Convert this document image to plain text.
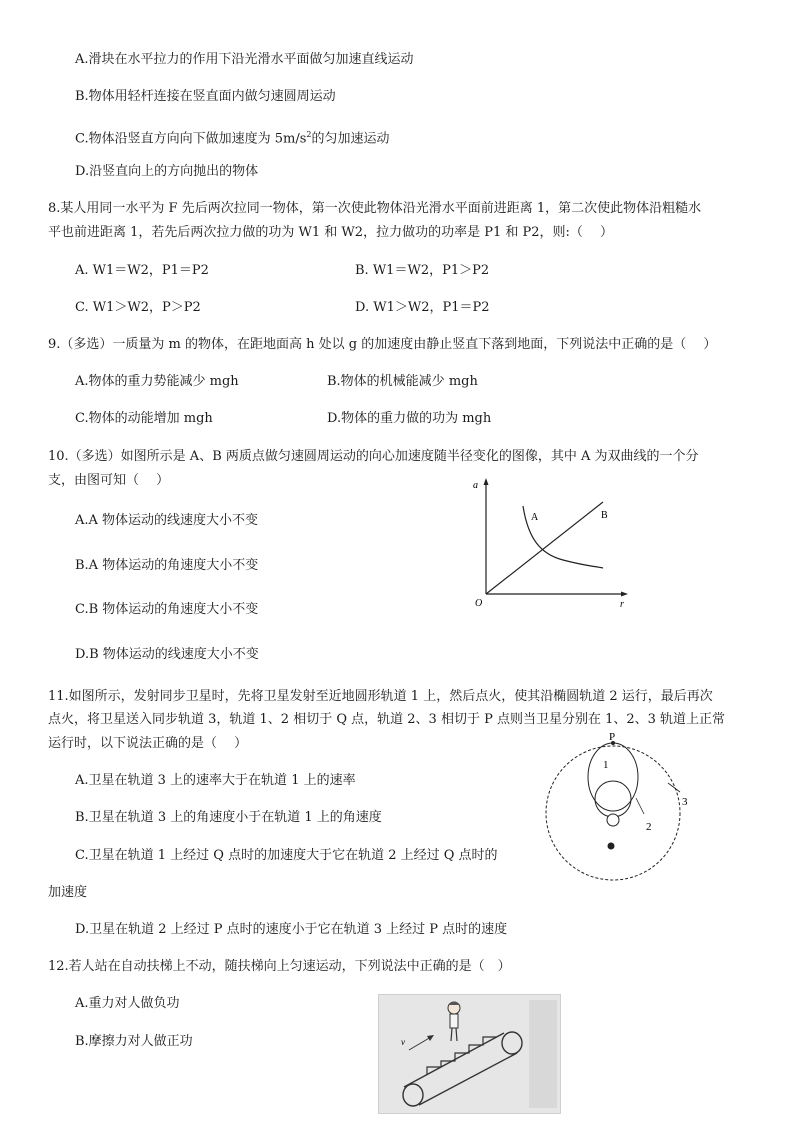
A.滑块在水平拉力的作用下沿光滑水平面做匀加速直线运动
B.物体用轻杆连接在竖直面内做匀速圆周运动
C.物体沿竖直方向向下做加速度为 $5m/s^2$的匀加速运动
D.沿竖直向上的方向抛出的物体
8.某人用同一水平为 F 先后两次拉同一物体，第一次使此物体沿光滑水平面前进距离 1，第二次使此物体沿粗糙水
平也前进距离 1，若先后两次拉力做的功为 W1 和 W2，拉力做功的功率是 P1 和 P2，则:（　 ）
A. W1＝W2，P1＝P2	B. W1＝W2，P1＞P2
C. W1＞W2，P＞P2	D. W1＞W2，P1＝P2
9.（多选）一质量为 m 的物体，在距地面高 h 处以 g 的加速度由静止竖直下落到地面，下列说法中正确的是（　 ）
A.物体的重力势能减少 mgh	B.物体的机械能减少 mgh
C.物体的动能增加 mgh	D.物体的重力做的功为 mgh
10.（多选）如图所示是 A、B 两质点做匀速圆周运动的向心加速度随半径变化的图像，其中 A 为双曲线的一个分
支，由图可知（　 ）
A.A 物体运动的线速度大小不变
B.A 物体运动的角速度大小不变
C.B 物体运动的角速度大小不变
D.B 物体运动的线速度大小不变
a
r
O
A	B
11.如图所示，发射同步卫星时，先将卫星发射至近地圆形轨道 1 上，然后点火，使其沿椭圆轨道 2 运行，最后再次
点火，将卫星送入同步轨道 3，轨道 1、2 相切于 Q 点，轨道 2、3 相切于 P 点则当卫星分别在 1、2、3 轨道上正常
运行时，以下说法正确的是（　 ）
A.卫星在轨道 3 上的速率大于在轨道 1 上的速率
B.卫星在轨道 3 上的角速度小于在轨道 1 上的角速度
C.卫星在轨道 1 上经过 Q 点时的加速度大于它在轨道 2 上经过 Q 点时的
加速度
D.卫星在轨道 2 上经过 P 点时的速度小于它在轨道 3 上经过 P 点时的速度
P
1
2
3
12.若人站在自动扶梯上不动，随扶梯向上匀速运动，下列说法中正确的是（　）
A.重力对人做负功
B.摩擦力对人做正功	v
